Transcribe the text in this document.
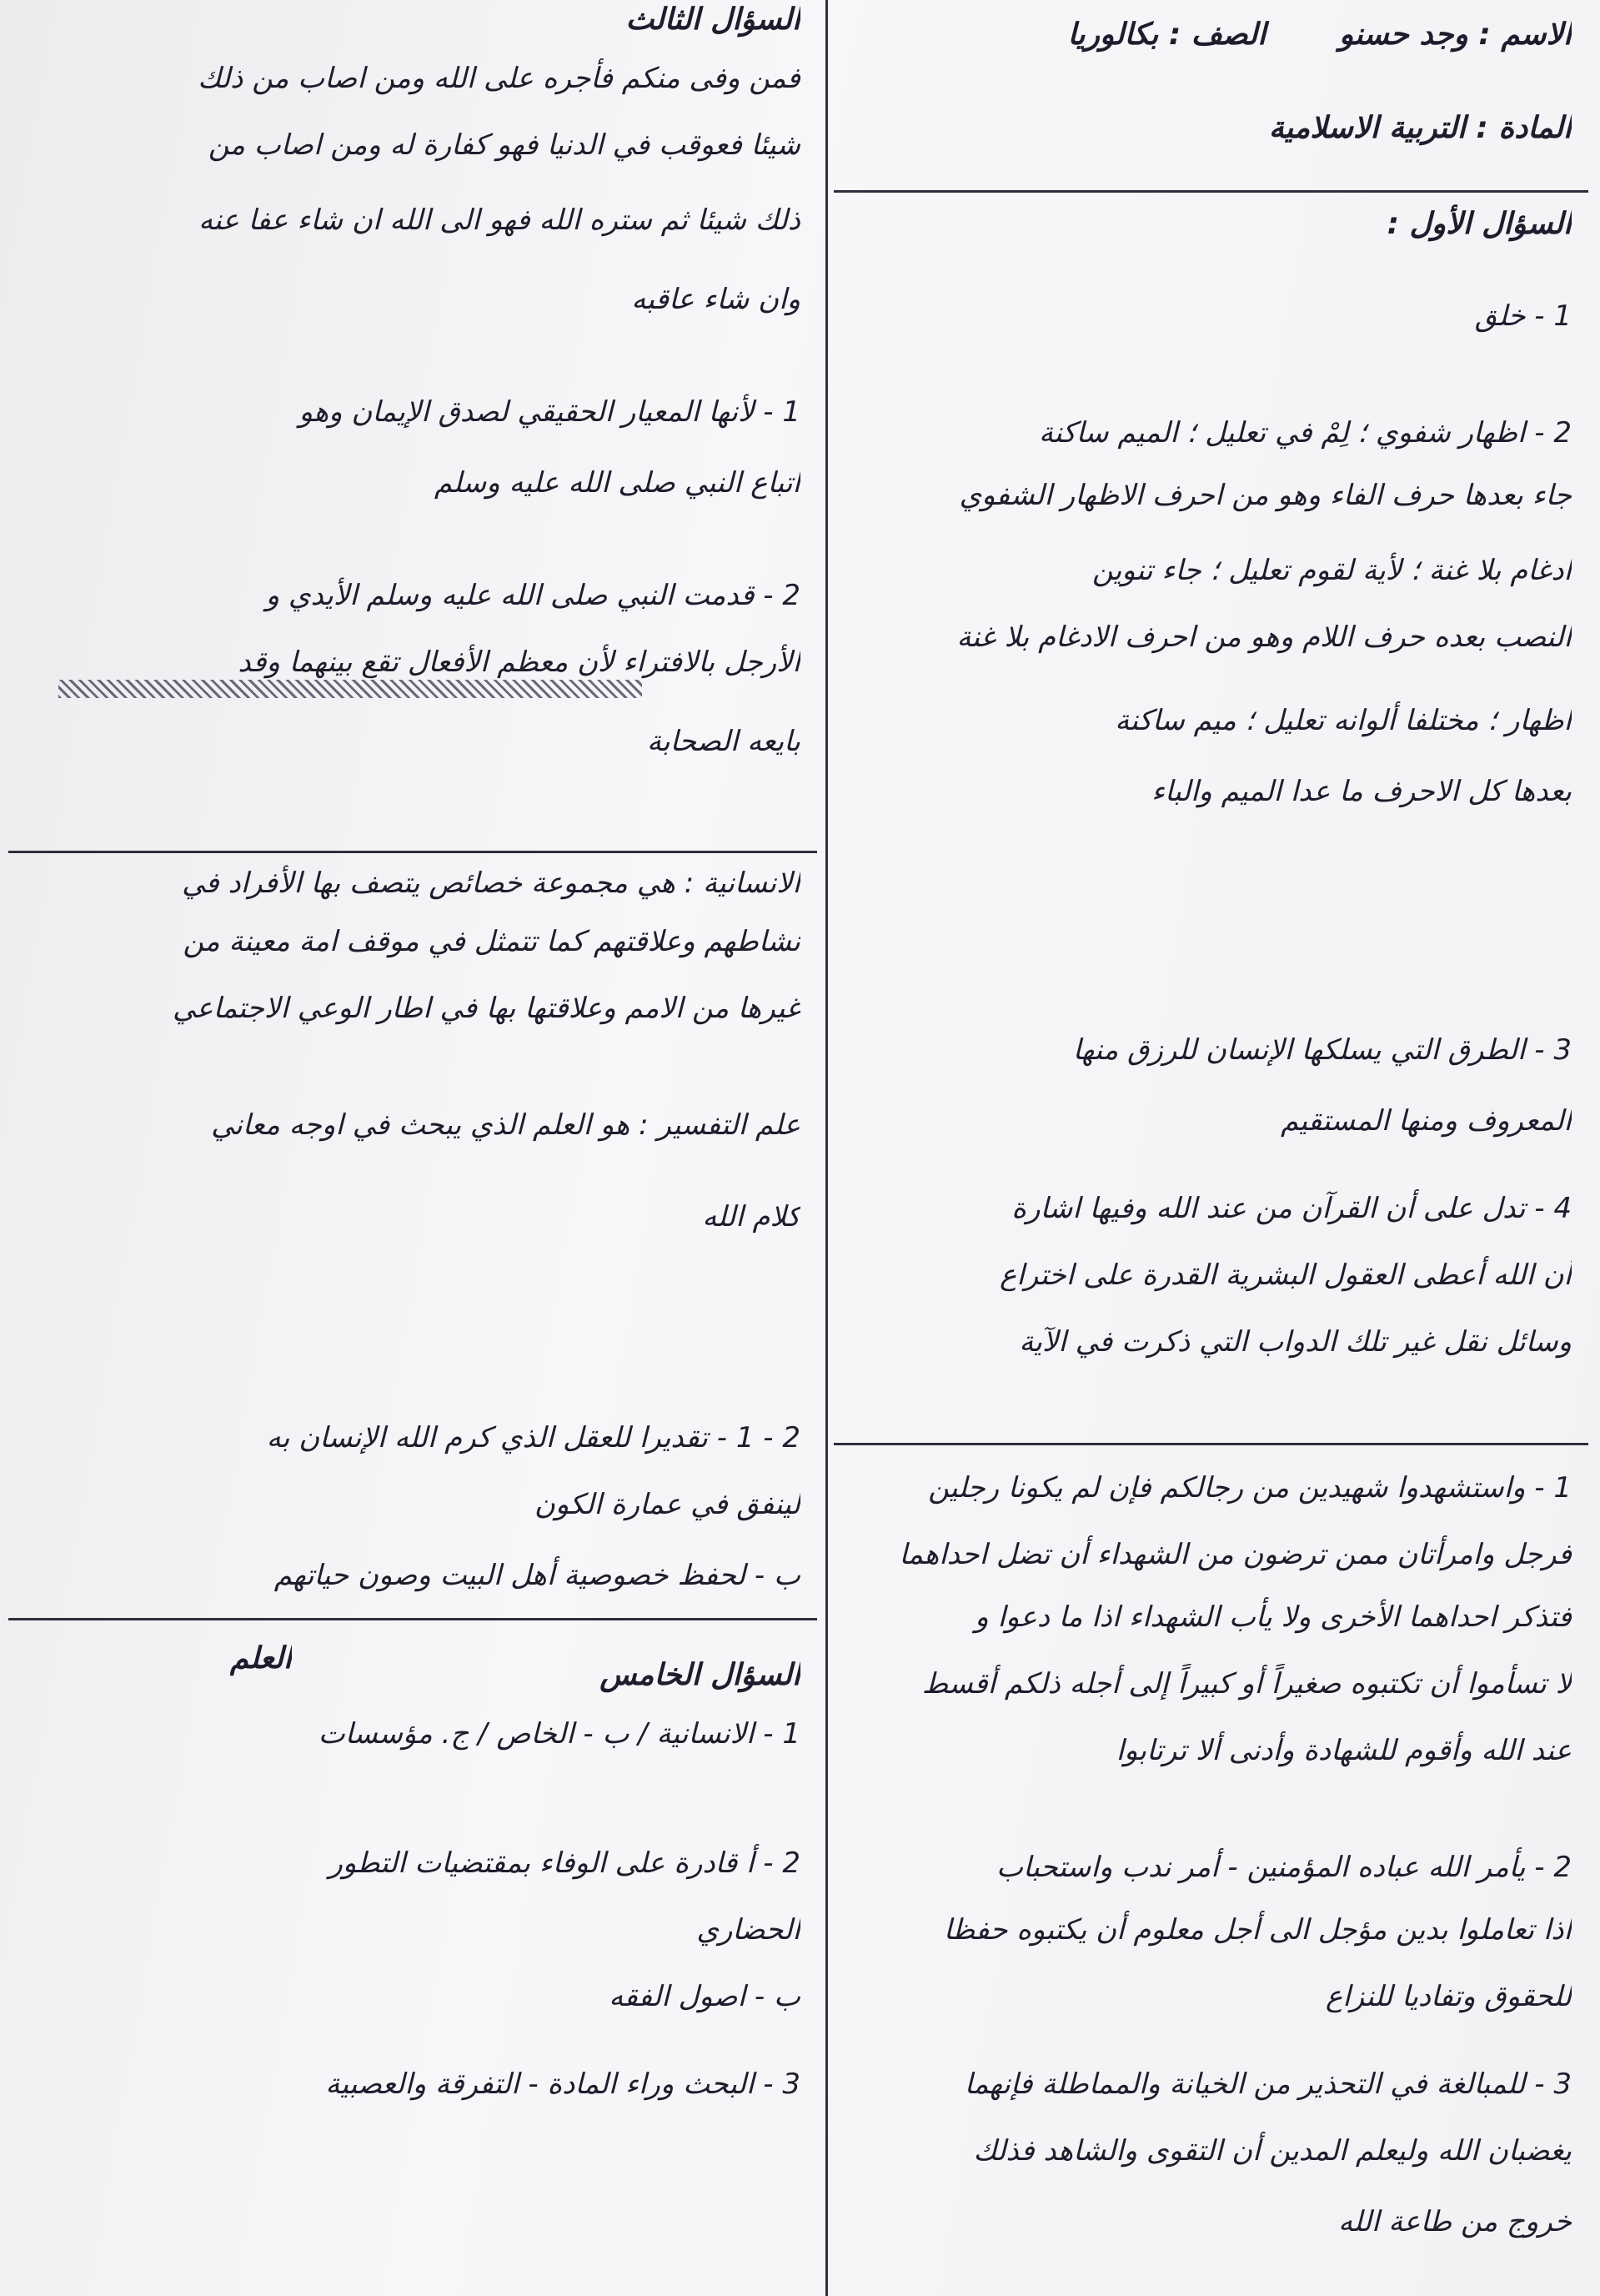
الاسم : وجد حسنو       الصف : بكالوريا
المادة : التربية الاسلامية
السؤال الأول :
1 - خلق
2 - اظهار شفوي ؛ لِمْ في تعليل ؛ الميم ساكنة
جاء بعدها حرف الفاء وهو من احرف الاظهار الشفوي
ادغام بلا غنة ؛ لأية لقوم تعليل ؛ جاء تنوين
النصب بعده حرف اللام وهو من احرف الادغام بلا غنة
اظهار ؛ مختلفا ألوانه تعليل ؛ ميم ساكنة
بعدها كل الاحرف ما عدا الميم والباء
3 - الطرق التي يسلكها الإنسان للرزق منها
المعروف ومنها المستقيم
4 - تدل على أن القرآن من عند الله وفيها اشارة
أن الله أعطى العقول البشرية القدرة على اختراع
وسائل نقل غير تلك الدواب التي ذكرت في الآية
1 - واستشهدوا شهيدين من رجالكم فإن لم يكونا رجلين
فرجل وامرأتان ممن ترضون من الشهداء أن تضل احداهما
فتذكر احداهما الأخرى ولا يأب الشهداء اذا ما دعوا و
لا تسأموا أن تكتبوه صغيراً أو كبيراً إلى أجله ذلكم أقسط
عند الله وأقوم للشهادة وأدنى ألا ترتابوا
2 - يأمر الله عباده المؤمنين - أمر ندب واستحباب
اذا تعاملوا بدين مؤجل الى أجل معلوم أن يكتبوه حفظا
للحقوق وتفاديا للنزاع
3 - للمبالغة في التحذير من الخيانة والمماطلة فإنهما
يغضبان الله وليعلم المدين أن التقوى والشاهد فذلك
خروج من طاعة الله
السؤال الثالث
فمن وفى منكم فأجره على الله ومن اصاب من ذلك
شيئا فعوقب في الدنيا فهو كفارة له ومن اصاب من
ذلك شيئا ثم ستره الله فهو الى الله ان شاء عفا عنه
وان شاء عاقبه
1 - لأنها المعيار الحقيقي لصدق الإيمان وهو
اتباع النبي صلى الله عليه وسلم
2 - قدمت النبي صلى الله عليه وسلم الأيدي و
الأرجل بالافتراء لأن معظم الأفعال تقع بينهما وقد
بايعه الصحابة
الانسانية : هي مجموعة خصائص يتصف بها الأفراد في
نشاطهم وعلاقتهم كما تتمثل في موقف امة معينة من
غيرها من الامم وعلاقتها بها في اطار الوعي الاجتماعي
علم التفسير : هو العلم الذي يبحث في اوجه معاني
كلام الله
2 - 1 - تقديرا للعقل الذي كرم الله الإنسان به
لينفق في عمارة الكون
ب - لحفظ خصوصية أهل البيت وصون حياتهم
العلم	السؤال الخامس
1 - الانسانية / ب - الخاص / ج. مؤسسات
2 - أ قادرة على الوفاء بمقتضيات التطور
الحضاري
ب - اصول الفقه
3 - البحث وراء المادة - التفرقة والعصبية
